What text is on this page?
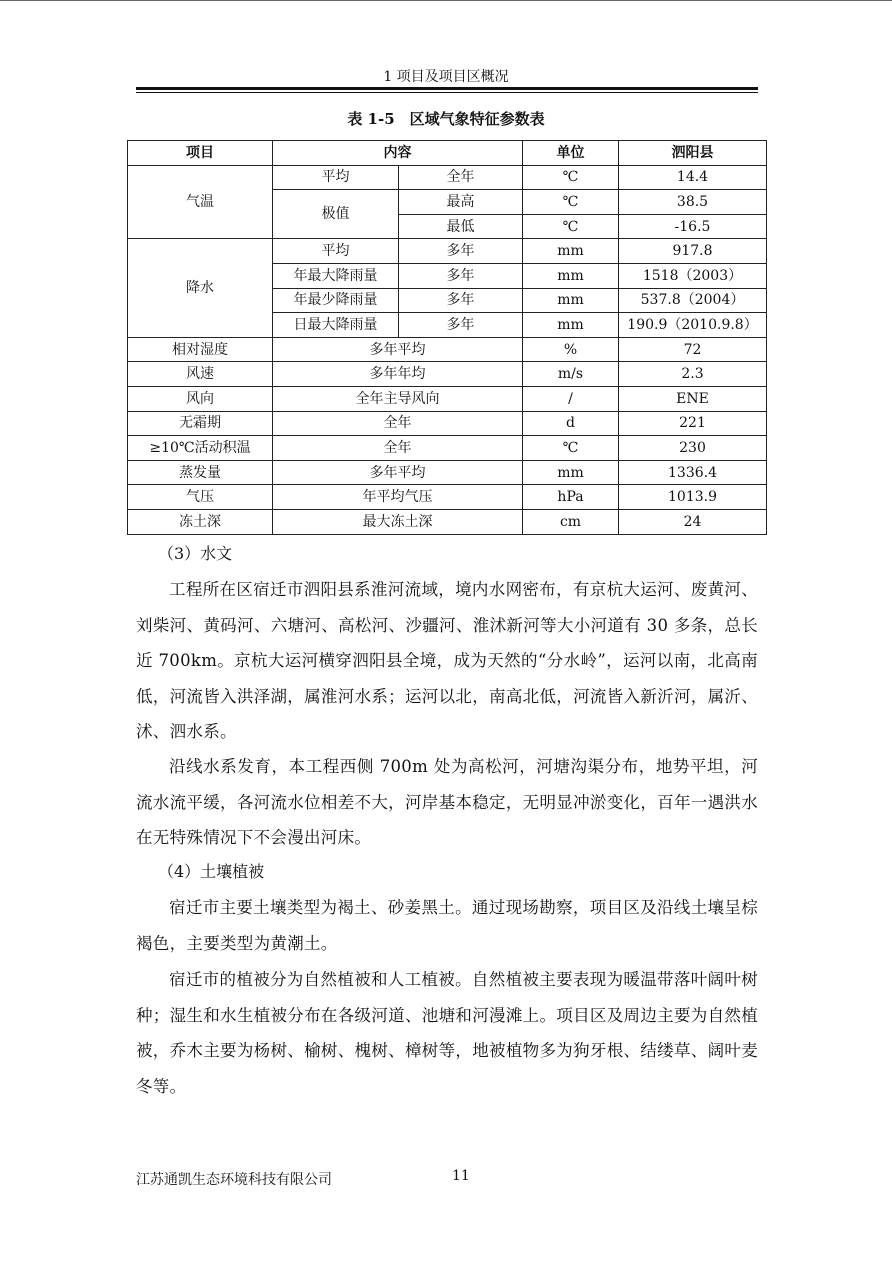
1 项目及项目区概况
表 1-5　区域气象特征参数表
项目	内容		单位	泗阳县
气温	平均	全年	℃	14.4
	极值	最高	℃	38.5
		最低	℃	-16.5
降水	平均	多年	mm	917.8
	年最大降雨量	多年	mm	1518（2003）
	年最少降雨量	多年	mm	537.8（2004）
	日最大降雨量	多年	mm	190.9（2010.9.8）
相对湿度	多年平均		%	72
风速	多年年均		m/s	2.3
风向	全年主导风向		/	ENE
无霜期	全年		d	221
≥10℃活动积温	全年		℃	230
蒸发量	多年平均		mm	1336.4
气压	年平均气压		hPa	1013.9
冻土深	最大冻土深		cm	24
（3）水文
工程所在区宿迁市泗阳县系淮河流域，境内水网密布，有京杭大运河、废黄河、刘柴河、黄码河、六塘河、高松河、沙疆河、淮沭新河等大小河道有 30 多条，总长近 700km。京杭大运河横穿泗阳县全境，成为天然的“分水岭”，运河以南，北高南低，河流皆入洪泽湖，属淮河水系；运河以北，南高北低，河流皆入新沂河，属沂、沭、泗水系。
沿线水系发育，本工程西侧 700m 处为高松河，河塘沟渠分布，地势平坦，河流水流平缓，各河流水位相差不大，河岸基本稳定，无明显冲淤变化，百年一遇洪水在无特殊情况下不会漫出河床。
（4）土壤植被
宿迁市主要土壤类型为褐土、砂姜黑土。通过现场勘察，项目区及沿线土壤呈棕褐色，主要类型为黄潮土。
宿迁市的植被分为自然植被和人工植被。自然植被主要表现为暖温带落叶阔叶树种；湿生和水生植被分布在各级河道、池塘和河漫滩上。项目区及周边主要为自然植被，乔木主要为杨树、榆树、槐树、樟树等，地被植物多为狗牙根、结缕草、阔叶麦冬等。
江苏通凯生态环境科技有限公司	11
